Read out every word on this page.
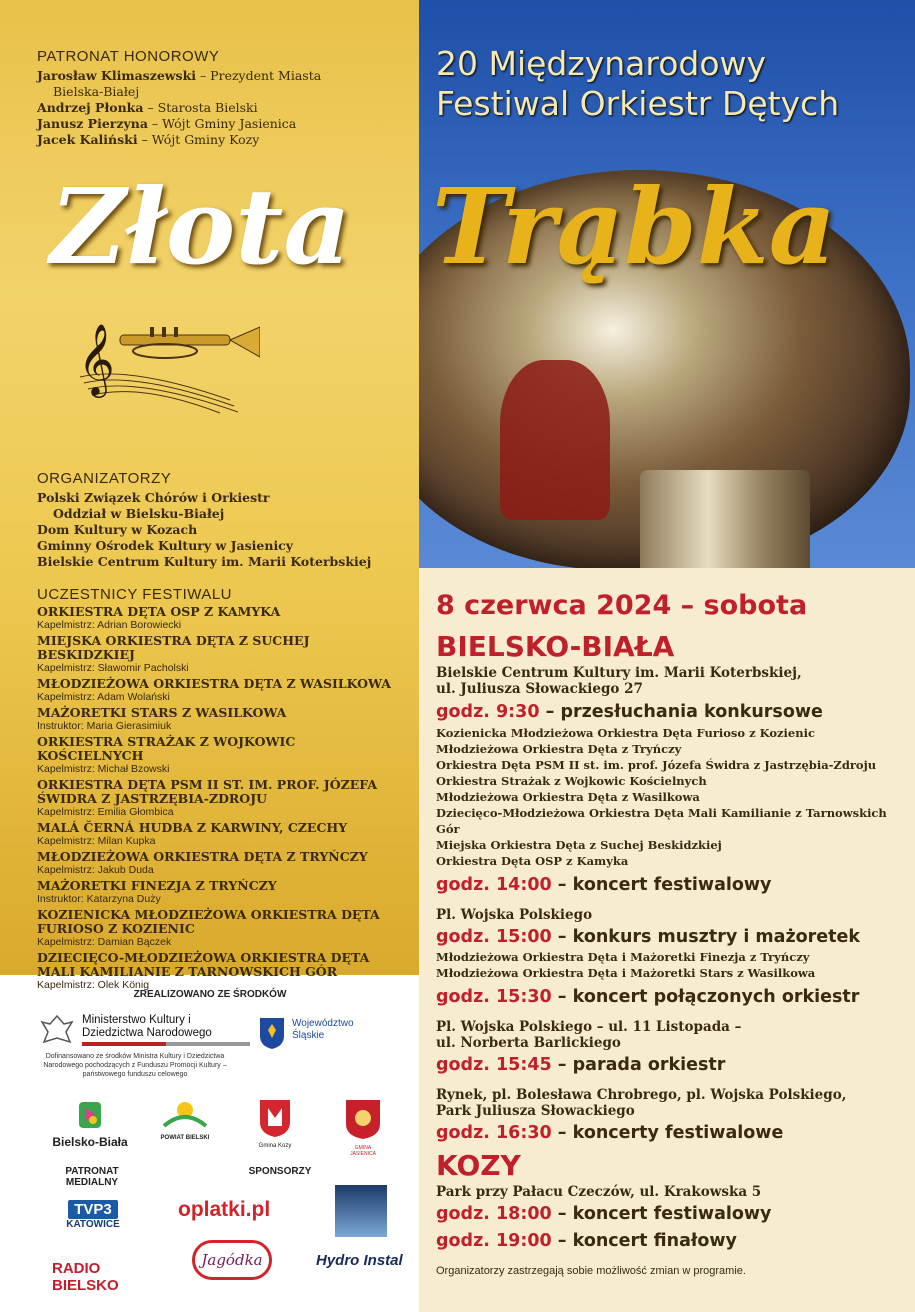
PATRONAT HONOROWY
Jarosław Klimaszewski – Prezydent Miasta
Bielska-Białej
Andrzej Płonka – Starosta Bielski
Janusz Pierzyna – Wójt Gminy Jasienica
Jacek Kaliński – Wójt Gminy Kozy
20 Międzynarodowy
Festiwal Orkiestr Dętych
Złota Trąbka
𝄞
ORGANIZATORZY
Polski Związek Chórów i Orkiestr
Oddział w Bielsku-Białej
Dom Kultury w Kozach
Gminny Ośrodek Kultury w Jasienicy
Bielskie Centrum Kultury im. Marii Koterbskiej
UCZESTNICY FESTIWALU
ORKIESTRA DĘTA OSP Z KAMYKA
Kapelmistrz: Adrian Borowiecki
MIEJSKA ORKIESTRA DĘTA Z SUCHEJ BESKIDZKIEJ
Kapelmistrz: Sławomir Pacholski
MŁODZIEŻOWA ORKIESTRA DĘTA Z WASILKOWA
Kapelmistrz: Adam Wolański
MAŻORETKI STARS Z WASILKOWA
Instruktor: Maria Gierasimiuk
ORKIESTRA STRAŻAK Z WOJKOWIC KOŚCIELNYCH
Kapelmistrz: Michał Bzowski
ORKIESTRA DĘTA PSM II ST. IM. PROF. JÓZEFA ŚWIDRA Z JASTRZĘBIA-ZDROJU
Kapelmistrz: Emilia Głombica
MALÁ ČERNÁ HUDBA Z KARWINY, CZECHY
Kapelmistrz: Milan Kupka
MŁODZIEŻOWA ORKIESTRA DĘTA Z TRYŃCZY
Kapelmistrz: Jakub Duda
MAŻORETKI FINEZJA Z TRYŃCZY
Instruktor: Katarzyna Duży
KOZIENICKA MŁODZIEŻOWA ORKIESTRA DĘTA FURIOSO Z KOZIENIC
Kapelmistrz: Damian Bączek
DZIECIĘCO-MŁODZIEŻOWA ORKIESTRA DĘTA MALI KAMILIANIE Z TARNOWSKICH GÓR
Kapelmistrz: Olek König
ZREALIZOWANO ZE ŚRODKÓW
Ministerstwo Kultury i Dziedzictwa Narodowego
Dofinansowano ze środków Ministra Kultury i Dziedzictwa Narodowego pochodzących z Funduszu Promocji Kultury – państwowego funduszu celowego
Województwo Śląskie
Bielsko-Biała	POWIAT BIELSKI
Gmina Kozy	GMINA JASIENICA
PATRONAT MEDIALNY
SPONSORZY
TVP3
KATOWICE
RADIO BIELSKO
oplatki.pl
Jagódka	Hydro Instal
8 czerwca 2024 – sobota
BIELSKO-BIAŁA
Bielskie Centrum Kultury im. Marii Koterbskiej,
ul. Juliusza Słowackiego 27
godz. 9:30 – przesłuchania konkursowe
Kozienicka Młodzieżowa Orkiestra Dęta Furioso z Kozienic
Młodzieżowa Orkiestra Dęta z Tryńczy
Orkiestra Dęta PSM II st. im. prof. Józefa Świdra z Jastrzębia-Zdroju
Orkiestra Strażak z Wojkowic Kościelnych
Młodzieżowa Orkiestra Dęta z Wasilkowa
Dziecięco-Młodzieżowa Orkiestra Dęta Mali Kamilianie z Tarnowskich Gór
Miejska Orkiestra Dęta z Suchej Beskidzkiej
Orkiestra Dęta OSP z Kamyka
godz. 14:00 – koncert festiwalowy
Pl. Wojska Polskiego
godz. 15:00 – konkurs musztry i mażoretek
Młodzieżowa Orkiestra Dęta i Mażoretki Finezja z Tryńczy
Młodzieżowa Orkiestra Dęta i Mażoretki Stars z Wasilkowa
godz. 15:30 – koncert połączonych orkiestr
Pl. Wojska Polskiego – ul. 11 Listopada –
ul. Norberta Barlickiego
godz. 15:45 – parada orkiestr
Rynek, pl. Bolesława Chrobrego, pl. Wojska Polskiego,
Park Juliusza Słowackiego
godz. 16:30 – koncerty festiwalowe
KOZY
Park przy Pałacu Czeczów, ul. Krakowska 5
godz. 18:00 – koncert festiwalowy
godz. 19:00 – koncert finałowy
Organizatorzy zastrzegają sobie możliwość zmian w programie.
